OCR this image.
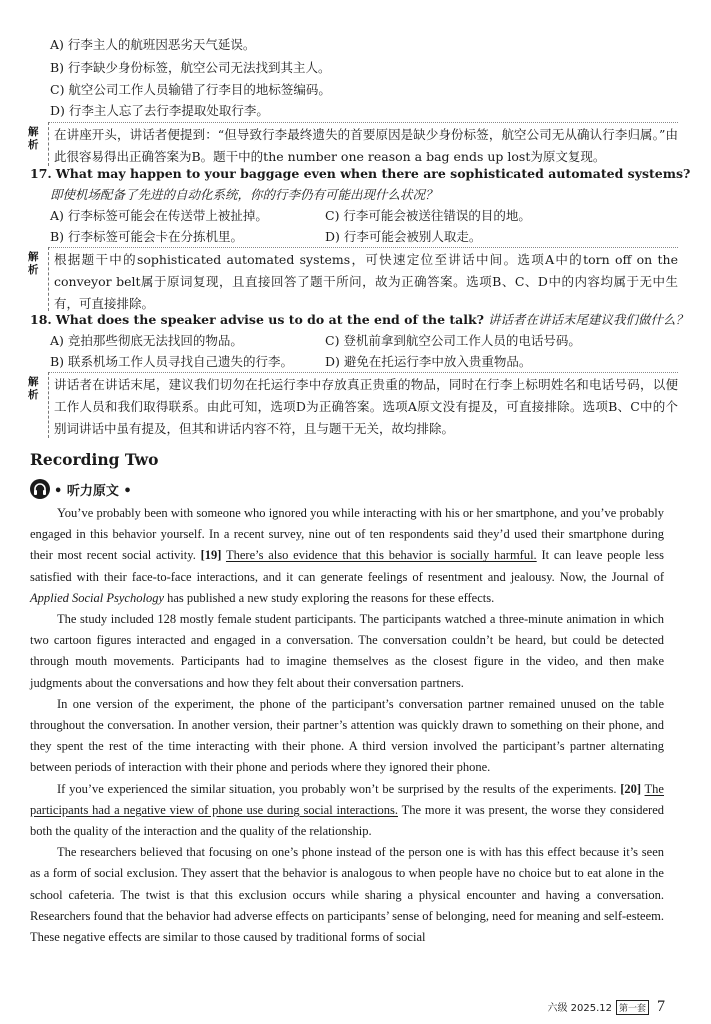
A) 行李主人的航班因恶劣天气延误。
B) 行李缺少身份标签，航空公司无法找到其主人。
C) 航空公司工作人员输错了行李目的地标签编码。
D) 行李主人忘了去行李提取处取行李。
解析
在讲座开头，讲话者便提到：“但导致行李最终遗失的首要原因是缺少身份标签，航空公司无从确认行李归属。”由此很容易得出正确答案为B。题干中的the number one reason a bag ends up lost为原文复现。
17. What may happen to your baggage even when there are sophisticated automated systems?
即使机场配备了先进的自动化系统，你的行李仍有可能出现什么状况？
A) 行李标签可能会在传送带上被扯掉。	C) 行李可能会被送往错误的目的地。
B) 行李标签可能会卡在分拣机里。	D) 行李可能会被别人取走。
解析
根据题干中的sophisticated automated systems，可快速定位至讲话中间。选项A中的torn off on the conveyor belt属于原词复现，且直接回答了题干所问，故为正确答案。选项B、C、D中的内容均属于无中生有，可直接排除。
18. What does the speaker advise us to do at the end of the talk? 讲话者在讲话末尾建议我们做什么？
A) 竞拍那些彻底无法找回的物品。	C) 登机前拿到航空公司工作人员的电话号码。
B) 联系机场工作人员寻找自己遗失的行李。	D) 避免在托运行李中放入贵重物品。
解析
讲话者在讲话末尾，建议我们切勿在托运行李中存放真正贵重的物品，同时在行李上标明姓名和电话号码，以便工作人员和我们取得联系。由此可知，选项D为正确答案。选项A原文没有提及，可直接排除。选项B、C中的个别词讲话中虽有提及，但其和讲话内容不符，且与题干无关，故均排除。
Recording Two
• 听力原文 •

You’ve probably been with someone who ignored you while interacting with his or her smartphone, and you’ve probably engaged in this behavior yourself. In a recent survey, nine out of ten respondents said they’d used their smartphone during their most recent social activity. [19] There’s also evidence that this behavior is socially harmful. It can leave people less satisfied with their face-to-face interactions, and it can generate feelings of resentment and jealousy. Now, the Journal of Applied Social Psychology has published a new study exploring the reasons for these effects.

The study included 128 mostly female student participants. The participants watched a three-minute animation in which two cartoon figures interacted and engaged in a conversation. The conversation couldn’t be heard, but could be detected through mouth movements. Participants had to imagine themselves as the closest figure in the video, and then make judgments about the conversations and how they felt about their conversation partners.

In one version of the experiment, the phone of the participant’s conversation partner remained unused on the table throughout the conversation. In another version, their partner’s attention was quickly drawn to something on their phone, and they spent the rest of the time interacting with their phone. A third version involved the participant’s partner alternating between periods of interaction with their phone and periods where they ignored their phone.

If you’ve experienced the similar situation, you probably won’t be surprised by the results of the experiments. [20] The participants had a negative view of phone use during social interactions. The more it was present, the worse they considered both the quality of the interaction and the quality of the relationship.

The researchers believed that focusing on one’s phone instead of the person one is with has this effect because it’s seen as a form of social exclusion. They assert that the behavior is analogous to when people have no choice but to eat alone in the school cafeteria. The twist is that this exclusion occurs while sharing a physical encounter and having a conversation. Researchers found that the behavior had adverse effects on participants’ sense of belonging, need for meaning and self-esteem. These negative effects are similar to those caused by traditional forms of social

六级 2025.12 第一套 7
